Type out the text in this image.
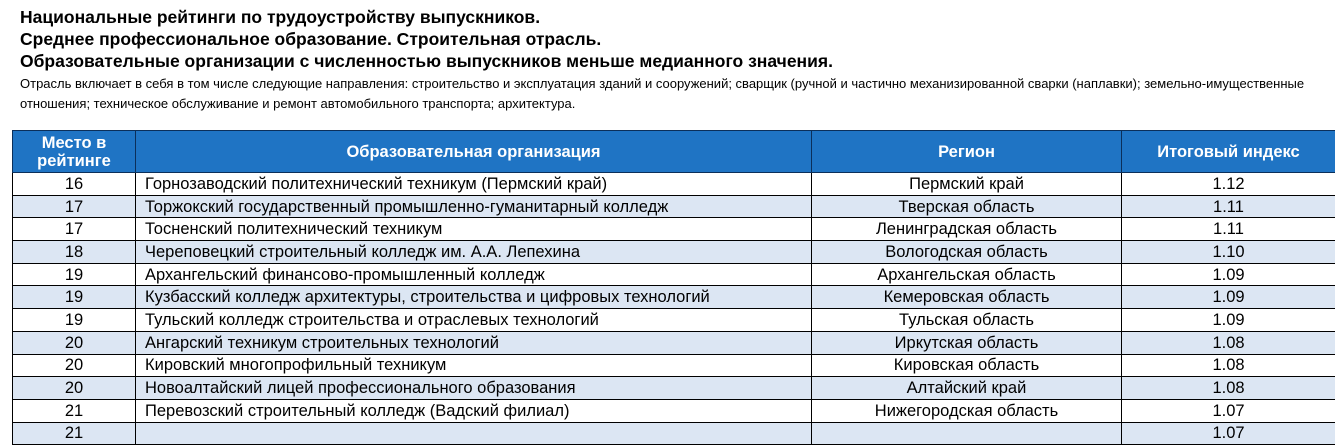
Национальные рейтинги по трудоустройству выпускников.
Среднее профессиональное образование. Строительная отрасль.
Образовательные организации с численностью выпускников меньше медианного значения.
Отрасль включает в себя в том числе следующие направления: строительство и эксплуатация зданий и сооружений; сварщик (ручной и частично механизированной сварки (наплавки); земельно-имущественные отношения; техническое обслуживание и ремонт автомобильного транспорта; архитектура.
Место в рейтинге	Образовательная организация	Регион	Итоговый индекс
16	Горнозаводский политехнический техникум (Пермский край)	Пермский край	1.12
17	Торжокский государственный промышленно-гуманитарный колледж	Тверская область	1.11
17	Тосненский политехнический техникум	Ленинградская область	1.11
18	Череповецкий строительный колледж им. А.А. Лепехина	Вологодская область	1.10
19	Архангельский финансово-промышленный колледж	Архангельская область	1.09
19	Кузбасский колледж архитектуры, строительства и цифровых технологий	Кемеровская область	1.09
19	Тульский колледж строительства и отраслевых технологий	Тульская область	1.09
20	Ангарский техникум строительных технологий	Иркутская область	1.08
20	Кировский многопрофильный техникум	Кировская область	1.08
20	Новоалтайский лицей профессионального образования	Алтайский край	1.08
21	Перевозский строительный колледж (Вадский филиал)	Нижегородская область	1.07
21			1.07
